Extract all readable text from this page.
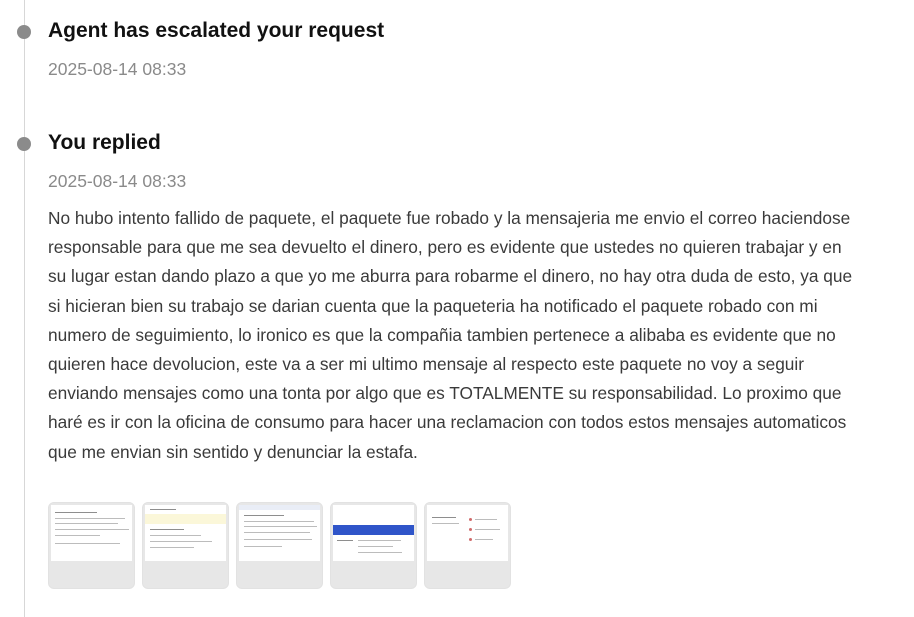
Agent has escalated your request
2025-08-14 08:33
You replied
2025-08-14 08:33

No hubo intento fallido de paquete, el paquete fue robado y la mensajeria me envio el correo haciendose responsable para que me sea devuelto el dinero, pero es evidente que ustedes no quieren trabajar y en su lugar estan dando plazo a que yo me aburra para robarme el dinero, no hay otra duda de esto, ya que si hicieran bien su trabajo se darian cuenta que la paqueteria ha notificado el paquete robado con mi numero de seguimiento, lo ironico es que la compañia tambien pertenece a alibaba es evidente que no quieren hace devolucion, este va a ser mi ultimo mensaje al respecto este paquete no voy a seguir enviando mensajes como una tonta por algo que es TOTALMENTE su responsabilidad. Lo proximo que haré es ir con la oficina de consumo para hacer una reclamacion con todos estos mensajes automaticos que me envian sin sentido y denunciar la estafa.
